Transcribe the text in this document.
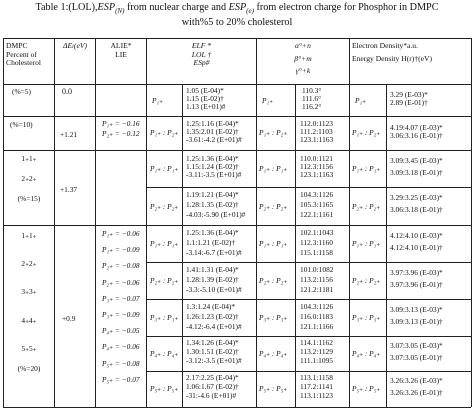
Table $1:(LOL),ESP_{(N)}$ from nuclear charge and $ESP_{(e)}$ from electron charge for Phosphor in DMPC
with%5 to 20% cholesterol
DMPC
Percent of
Cholesterol
ΔEₗ(eV)	ALIE*
LIE
ELF *
LOL †
ESp#
α°+n
β°+m
γ°+k
Electron Density*a.u.
Energy Density H(r)†(eV)
(%=5)	0.0
P₁₊
1.05 (E-04)*
1.15 (E-02)†
1.13 (E+01)#
P₁₊
110.3°
111.6°
116.2°
P₁₊
3.29 (E-03)*
2.89 (E-01)†
(%=10)
+1.21
P₁₊ = −0.16
P₂₊ = −0.12 P₁₊ : P₂₊
1.25:1.16 (E-04)*
1.35:2.01 (E-02)†
-3.61:-4.2 (E+01)#
P₁₊ : P₂₊
112.0:1123
111.2:1103
123.1:1163
P₁₊ : P₂₊
4.19:4.07 (E-03)*
3.06:3.16 (E-01)†
1₊1₊
2₊2₊
(%=15)
+1.37
P₁₊ : P₁₊
1.25:1.36 (E-04)*
1.15:1.24 (E-02)†
-3.11:-3.5 (E+01)#
P₁₊ : P₁₊
110.0:1121
112.3:1156
123.1:1163
P₁₊ : P₁₊
3.09:3.45 (E-03)*
3.09:3.18 (E-01)†
P₂₊ : P₂₊
1.19:1.21 (E-04)*
1.28:1.35 (E-02)†
-4.03:-5.90 (E+01)#
P₂₊ : P₂₊
104.3:1126
105.3:1165
122.1:1161
P₂₊ : P₂₊
3.29:3.25 (E-03)*
3.06:3.18 (E-01)†
1₊1₊
2₊2₊
3₊3₊
4₊4₊
5₊5₊
(%=20)
+0.9
P₁₊ = −0.06
P₁₊ = −0.09
P₂₊ = −0.08
P₂₊ = −0.06
P₃₊ = −0.07
P₃₊ = −0.09
P₄₊ = −0.05
P₄₊ = −0.06
P₅₊ = −0.08
P₅₊ = −0.07
P₁₊ : P₁₊
1.25:1.36 (E-04)*
1.1:1.21 (E-02)†
-3.14:-6.7 (E+01)#
P₁₊ : P₁₊
102.1:1043
112.3:1160
115.1:1158
P₁₊ : P₁₊
4.12:4.10 (E-03)*
4.12:4.10 (E-01)†
P₂₊ : P₂₊
1.41:1.31 (E-04)*
1.28:1.39 (E-02)†
-3.3:-5.10 (E+01)#
P₂₊ : P₂₊
101.0:1082
113.2:1156
121.2:1181
P₂₊ : P₂₊
3.97:3.96 (E-03)*
3.97:3.96 (E-01)†
P₃₊ : P₃₊
1.3:1.24 (E-04)*
1.26:1.23 (E-02)†
-4.12:-6.4 (E+01)#
P₃₊ : P₃₊
104.3:1126
116.0:1183
121.1:1166
P₃₊ : P₃₊
3.09:3.13 (E-03)*
3.09:3.13 (E-01)†
P₄₊ : P₄₊
1.34:1.26 (E-04)*
1.30:1.51 (E-02)†
-3.12:-3.5 (E+01)#
P₄₊ : P₄₊
114.1:1162
113.2:1129
111.1:1095
P₄₊ : P₄₊
3.07:3.05 (E-03)*
3.07:3.05 (E-01)†
P₅₊ : P₅₊
2.17:2.25 (E-04)*
1.06:1.67 (E-02)†
-31:-4.6 (E+01)#
P₅₊ : P₅₊
113.1:1158
117.2:1141
113.1:1123
P₅₊ : P₅₊
3.26:3.26 (E-03)*
3.26:3.26 (E-01)†
